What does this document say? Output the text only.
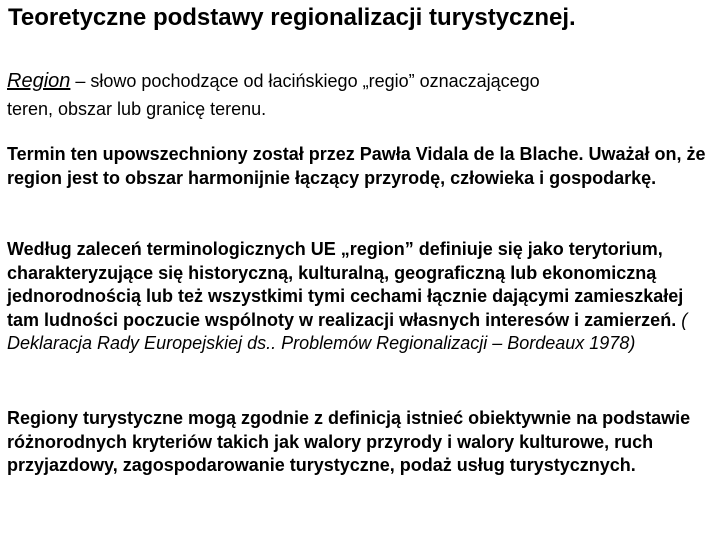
Teoretyczne podstawy regionalizacji turystycznej.

Region – słowo pochodzące od łacińskiego „regio” oznaczającego
teren, obszar lub granicę terenu.

Termin ten upowszechniony został przez Pawła Vidala de la Blache. Uważał on, że region jest to obszar harmonijnie łączący przyrodę, człowieka i gospodarkę.

Według zaleceń terminologicznych UE „region” definiuje się jako terytorium, charakteryzujące się historyczną, kulturalną, geograficzną lub ekonomiczną jednorodnością lub też wszystkimi tymi cechami łącznie dającymi zamieszkałej tam ludności poczucie wspólnoty w realizacji własnych interesów i zamierzeń. ( Deklaracja Rady Europejskiej ds.. Problemów Regionalizacji – Bordeaux 1978)

Regiony turystyczne mogą zgodnie z definicją istnieć obiektywnie na podstawie różnorodnych kryteriów takich jak walory przyrody i walory kulturowe, ruch przyjazdowy, zagospodarowanie turystyczne, podaż usług turystycznych.
